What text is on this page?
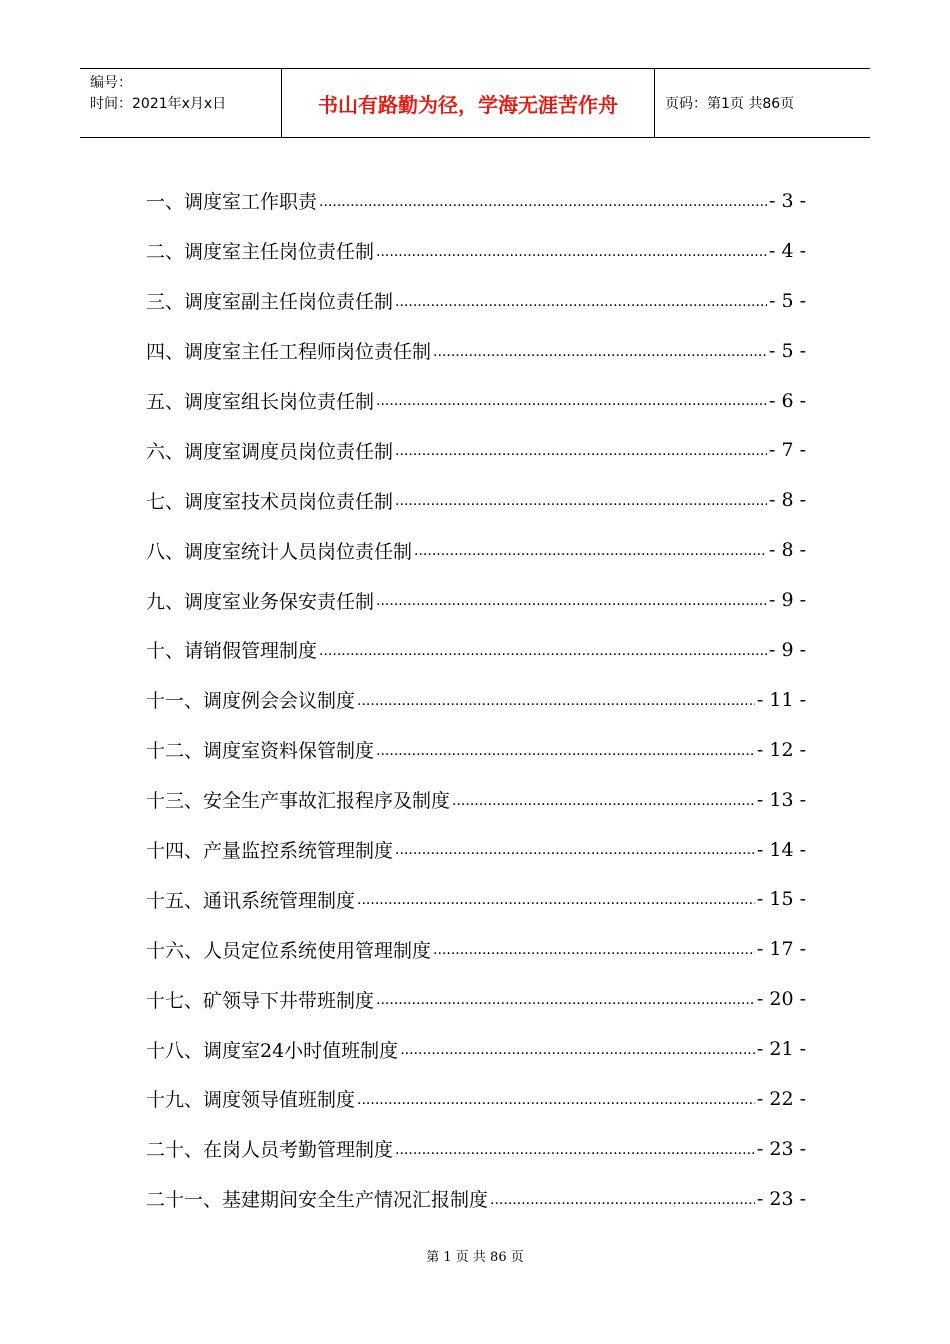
编号：
时间：2021年x月x日	书山有路勤为径，学海无涯苦作舟	页码：第1页 共86页
一、调度室工作职责 .....	- 3 -
二、调度室主任岗位责任制 .....	- 4 -
三、调度室副主任岗位责任制 .....	- 5 -
四、调度室主任工程师岗位责任制 .....	- 5 -
五、调度室组长岗位责任制 .....	- 6 -
六、调度室调度员岗位责任制 .....	- 7 -
七、调度室技术员岗位责任制 .....	- 8 -
八、调度室统计人员岗位责任制 .....	- 8 -
九、调度室业务保安责任制 .....	- 9 -
十、请销假管理制度 .....	- 9 -
十一、调度例会会议制度 .....	- 11 -
十二、调度室资料保管制度 .....	- 12 -
十三、安全生产事故汇报程序及制度 .....	- 13 -
十四、产量监控系统管理制度 .....	- 14 -
十五、通讯系统管理制度 .....	- 15 -
十六、人员定位系统使用管理制度 .....	- 17 -
十七、矿领导下井带班制度 .....	- 20 -
十八、调度室24小时值班制度 .....	- 21 -
十九、调度领导值班制度 .....	- 22 -
二十、在岗人员考勤管理制度 .....	- 23 -
二十一、基建期间安全生产情况汇报制度 .....	- 23 -
第 1 页 共 86 页
